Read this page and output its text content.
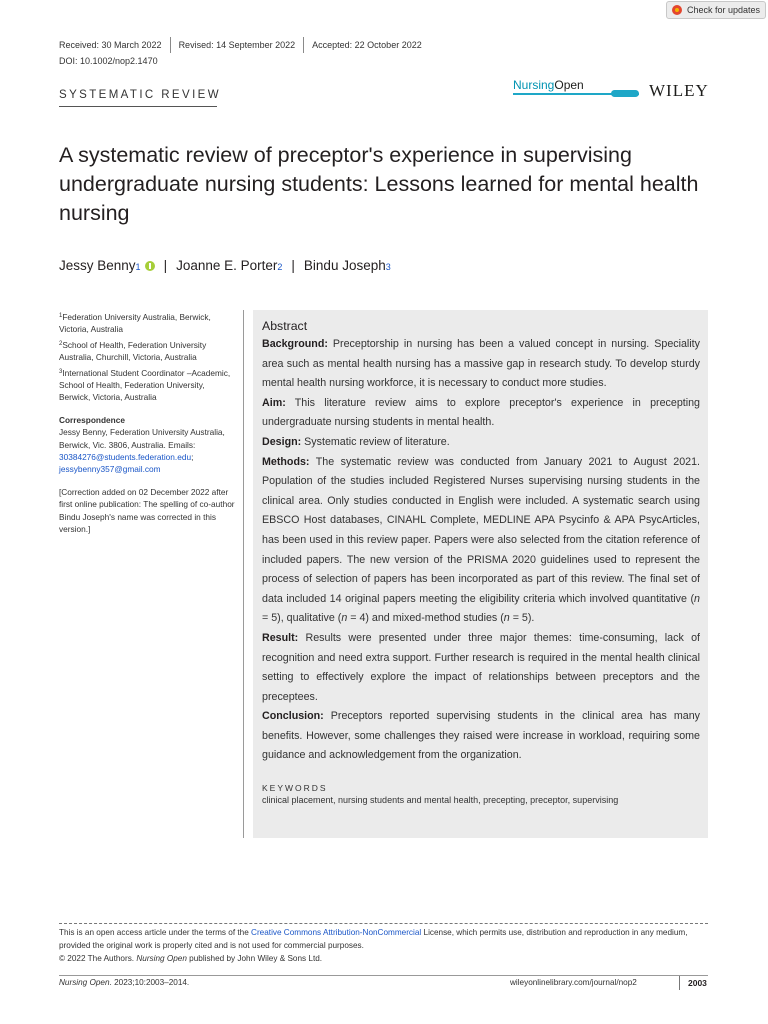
Check for updates
Received: 30 March 2022 Revised: 14 September 2022 Accepted: 22 October 2022
DOI: 10.1002/nop2.1470
SYSTEMATIC REVIEW
NursingOpen	WILEY
A systematic review of preceptor's experience in supervising undergraduate nursing students: Lessons learned for mental health nursing
Jessy Benny 1 | Joanne E. Porter 2 | Bindu Joseph 3

$^1$Federation University Australia, Berwick, Victoria, Australia

$^2$School of Health, Federation University Australia, Churchill, Victoria, Australia

$^3$International Student Coordinator –Academic, School of Health, Federation University, Berwick, Victoria, Australia

Correspondence

Jessy Benny, Federation University Australia, Berwick, Vic. 3806, Australia. Emails: 30384276@students.federation.edu; jessybenny357@gmail.com

[Correction added on 02 December 2022 after first online publication: The spelling of co-author Bindu Joseph's name was corrected in this version.]

Abstract

Background: Preceptorship in nursing has been a valued concept in nursing. Speciality area such as mental health nursing has a massive gap in research study. To develop sturdy mental health nursing workforce, it is necessary to conduct more studies.

Aim: This literature review aims to explore preceptor's experience in precepting undergraduate nursing students in mental health.

Design: Systematic review of literature.

Methods: The systematic review was conducted from January 2021 to August 2021. Population of the studies included Registered Nurses supervising nursing students in the clinical area. Only studies conducted in English were included. A systematic search using EBSCO Host databases, CINAHL Complete, MEDLINE APA Psycinfo & APA PsycArticles, has been used in this review paper. Papers were also selected from the citation reference of included papers. The new version of the PRISMA 2020 guidelines used to represent the process of selection of papers has been incorporated as part of this review. The final set of data included 14 original papers meeting the eligibility criteria which involved quantitative (n = 5), qualitative (n = 4) and mixed-method studies (n = 5).

Result: Results were presented under three major themes: time-consuming, lack of recognition and need extra support. Further research is required in the mental health clinical setting to effectively explore the impact of relationships between preceptors and the preceptees.

Conclusion: Preceptors reported supervising students in the clinical area has many benefits. However, some challenges they raised were increase in workload, requiring some guidance and acknowledgement from the organization.

KEYWORDS
clinical placement, nursing students and mental health, precepting, preceptor, supervising
This is an open access article under the terms of the Creative Commons Attribution-NonCommercial License, which permits use, distribution and reproduction in any medium, provided the original work is properly cited and is not used for commercial purposes.
© 2022 The Authors. Nursing Open published by John Wiley & Sons Ltd.
Nursing Open. 2023;10:2003–2014.	wileyonlinelibrary.com/journal/nop2	2003
